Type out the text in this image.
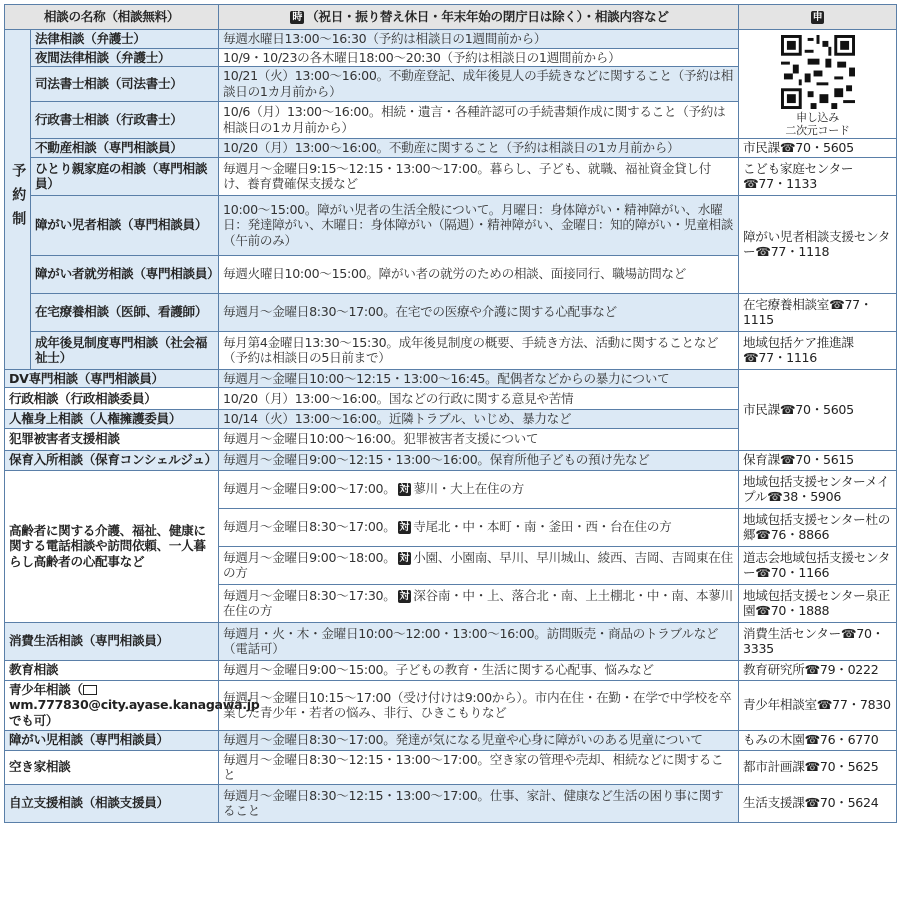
相談の名称（相談無料）		時 （祝日・振り替え休日・年末年始の閉庁日は除く）・相談内容など	申
予約制	法律相談（弁護士）	毎週水曜日13:00～16:30（予約は相談日の1週間前から）	申し込み
二次元コード

	夜間法律相談（弁護士）	10/9・10/23の各木曜日18:00～20:30（予約は相談日の1週間前から）	
	司法書士相談（司法書士）	10/21（火）13:00～16:00。不動産登記、成年後見人の手続きなどに関すること（予約は相談日の1カ月前から）	
	行政書士相談（行政書士）	10/6（月）13:00～16:00。相続・遺言・各種許認可の手続書類作成に関すること（予約は相談日の1カ月前から）	
	不動産相談（専門相談員）	10/20（月）13:00～16:00。不動産に関すること（予約は相談日の1カ月前から）	市民課☎70・5605
	ひとり親家庭の相談（専門相談員）	毎週月～金曜日9:15～12:15・13:00～17:00。暮らし、子ども、就職、福祉資金貸し付け、養育費確保支援など	こども家庭センター☎77・1133
	障がい児者相談（専門相談員）	10:00～15:00。障がい児者の生活全般について。月曜日：身体障がい・精神障がい、水曜日：発達障がい、木曜日：身体障がい（隔週）・精神障がい、金曜日：知的障がい・児童相談（午前のみ）	障がい児者相談支援センター☎77・1118
	障がい者就労相談（専門相談員）	毎週火曜日10:00～15:00。障がい者の就労のための相談、面接同行、職場訪問など	
	在宅療養相談（医師、看護師）	毎週月～金曜日8:30～17:00。在宅での医療や介護に関する心配事など	在宅療養相談室☎77・1115
	成年後見制度専門相談（社会福祉士）	毎月第4金曜日13:30～15:30。成年後見制度の概要、手続き方法、活動に関することなど（予約は相談日の5日前まで）	地域包括ケア推進課☎77・1116
DV専門相談（専門相談員）		毎週月～金曜日10:00～12:15・13:00～16:45。配偶者などからの暴力について	市民課☎70・5605
行政相談（行政相談委員）		10/20（月）13:00～16:00。国などの行政に関する意見や苦情	
人権身上相談（人権擁護委員）		10/14（火）13:00～16:00。近隣トラブル、いじめ、暴力など	
犯罪被害者支援相談		毎週月～金曜日10:00～16:00。犯罪被害者支援について	
保育入所相談（保育コンシェルジュ）		毎週月～金曜日9:00～12:15・13:00～16:00。保育所他子どもの預け先など	保育課☎70・5615
高齢者に関する介護、福祉、健康に関する電話相談や訪問依頼、一人暮らし高齢者の心配事など		毎週月～金曜日9:00～17:00。 対 蓼川・大上在住の方	地域包括支援センターメイプル☎38・5906
		毎週月～金曜日8:30～17:00。 対 寺尾北・中・本町・南・釜田・西・台在住の方	地域包括支援センター杜の郷☎76・8866
		毎週月～金曜日9:00～18:00。 対 小園、小園南、早川、早川城山、綾西、吉岡、吉岡東在住の方	道志会地域包括支援センター☎70・1166
		毎週月～金曜日8:30～17:30。 対 深谷南・中・上、落合北・南、上土棚北・中・南、本蓼川在住の方	地域包括支援センター泉正園☎70・1888
消費生活相談（専門相談員）		毎週月・火・木・金曜日10:00～12:00・13:00～16:00。訪問販売・商品のトラブルなど（電話可）	消費生活センター☎70・3335
教育相談		毎週月～金曜日9:00～15:00。子どもの教育・生活に関する心配事、悩みなど	教育研究所☎79・0222
青少年相談（wm.777830@city.ayase.kanagawa.jpでも可）		毎週月～金曜日10:15～17:00（受け付けは9:00から）。市内在住・在勤・在学で中学校を卒業した青少年・若者の悩み、非行、ひきこもりなど	青少年相談室☎77・7830
障がい児相談（専門相談員）		毎週月～金曜日8:30～17:00。発達が気になる児童や心身に障がいのある児童について	もみの木園☎76・6770
空き家相談		毎週月～金曜日8:30～12:15・13:00～17:00。空き家の管理や売却、相続などに関すること	都市計画課☎70・5625
自立支援相談（相談支援員）		毎週月～金曜日8:30～12:15・13:00～17:00。仕事、家計、健康など生活の困り事に関すること	生活支援課☎70・5624
